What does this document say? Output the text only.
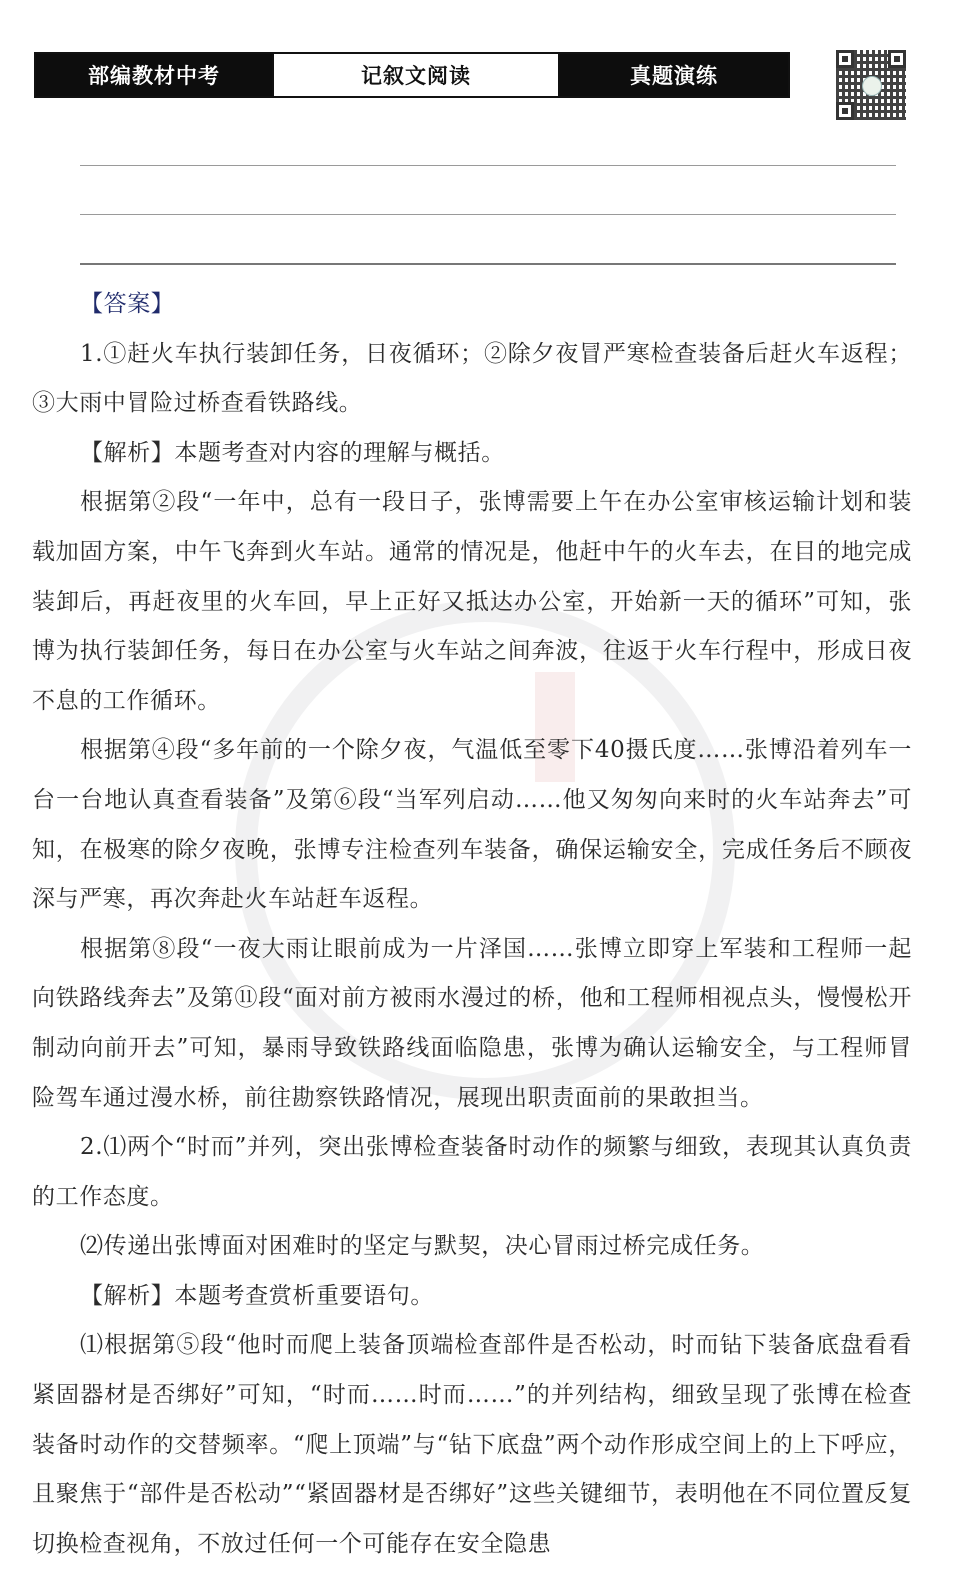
部编教材中考	记叙文阅读	真题演练

【答案】

1.①赶火车执行装卸任务，日夜循环；②除夕夜冒严寒检查装备后赶火车返程；③大雨中冒险过桥查看铁路线。

【解析】本题考查对内容的理解与概括。

根据第②段“一年中，总有一段日子，张博需要上午在办公室审核运输计划和装载加固方案，中午飞奔到火车站。通常的情况是，他赶中午的火车去，在目的地完成装卸后，再赶夜里的火车回，早上正好又抵达办公室，开始新一天的循环”可知，张博为执行装卸任务，每日在办公室与火车站之间奔波，往返于火车行程中，形成日夜不息的工作循环。

根据第④段“多年前的一个除夕夜，气温低至零下40摄氏度……张博沿着列车一台一台地认真查看装备”及第⑥段“当军列启动……他又匆匆向来时的火车站奔去”可知，在极寒的除夕夜晚，张博专注检查列车装备，确保运输安全，完成任务后不顾夜深与严寒，再次奔赴火车站赶车返程。

根据第⑧段“一夜大雨让眼前成为一片泽国……张博立即穿上军装和工程师一起向铁路线奔去”及第⑪段“面对前方被雨水漫过的桥，他和工程师相视点头，慢慢松开制动向前开去”可知，暴雨导致铁路线面临隐患，张博为确认运输安全，与工程师冒险驾车通过漫水桥，前往勘察铁路情况，展现出职责面前的果敢担当。

2.⑴两个“时而”并列，突出张博检查装备时动作的频繁与细致，表现其认真负责的工作态度。

⑵传递出张博面对困难时的坚定与默契，决心冒雨过桥完成任务。

【解析】本题考查赏析重要语句。

⑴根据第⑤段“他时而爬上装备顶端检查部件是否松动，时而钻下装备底盘看看紧固器材是否绑好”可知，“时而……时而……”的并列结构，细致呈现了张博在检查装备时动作的交替频率。“爬上顶端”与“钻下底盘”两个动作形成空间上的上下呼应，且聚焦于“部件是否松动”“紧固器材是否绑好”这些关键细节，表明他在不同位置反复切换检查视角，不放过任何一个可能存在安全隐患
